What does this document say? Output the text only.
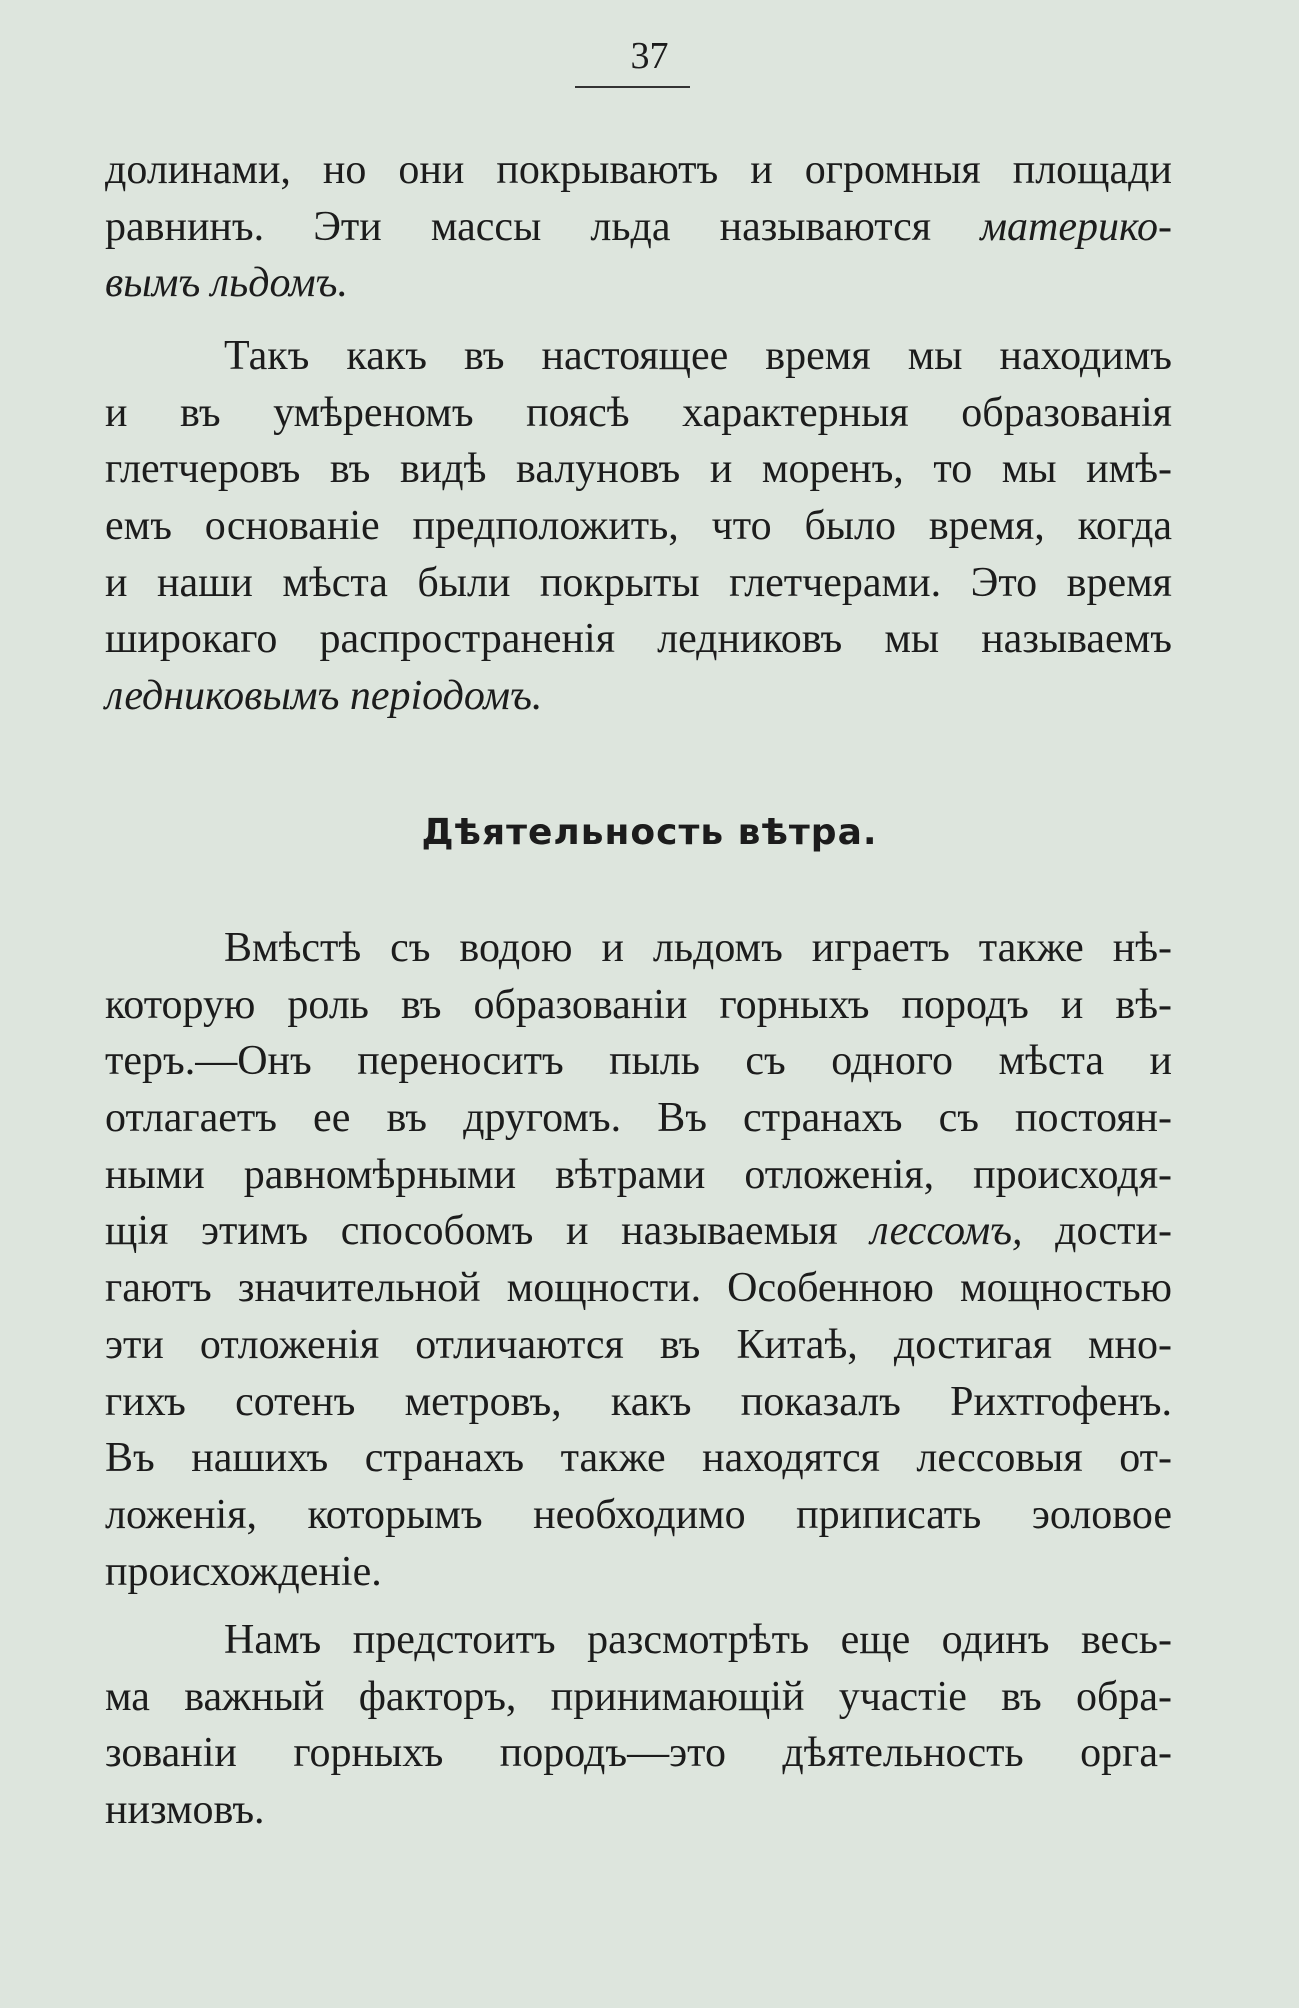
37
Дѣятельность вѣтра.
долинами, но они покрываютъ и огромныя площади
равнинъ. Эти массы льда называются материко-
вымъ льдомъ.
Такъ какъ въ настоящее время мы находимъ
и въ умѣреномъ поясѣ характерныя образованія
глетчеровъ въ видѣ валуновъ и моренъ, то мы имѣ-
емъ основаніе предположить, что было время, когда
и наши мѣста были покрыты глетчерами. Это время
широкаго распространенія ледниковъ мы называемъ
ледниковымъ періодомъ.
Вмѣстѣ съ водою и льдомъ играетъ также нѣ-
которую роль въ образованіи горныхъ породъ и вѣ-
теръ.—Онъ переноситъ пыль съ одного мѣста и
отлагаетъ ее въ другомъ. Въ странахъ съ постоян-
ными равномѣрными вѣтрами отложенія, происходя-
щія этимъ способомъ и называемыя лессомъ, дости-
гаютъ значительной мощности. Особенною мощностью
эти отложенія отличаются въ Китаѣ, достигая мно-
гихъ сотенъ метровъ, какъ показалъ Рихтгофенъ.
Въ нашихъ странахъ также находятся лессовыя от-
ложенія, которымъ необходимо приписать эоловое
происхожденіе.
Намъ предстоитъ разсмотрѣть еще одинъ весь-
ма важный факторъ, принимающій участіе въ обра-
зованіи горныхъ породъ—это дѣятельность орга-
низмовъ.
